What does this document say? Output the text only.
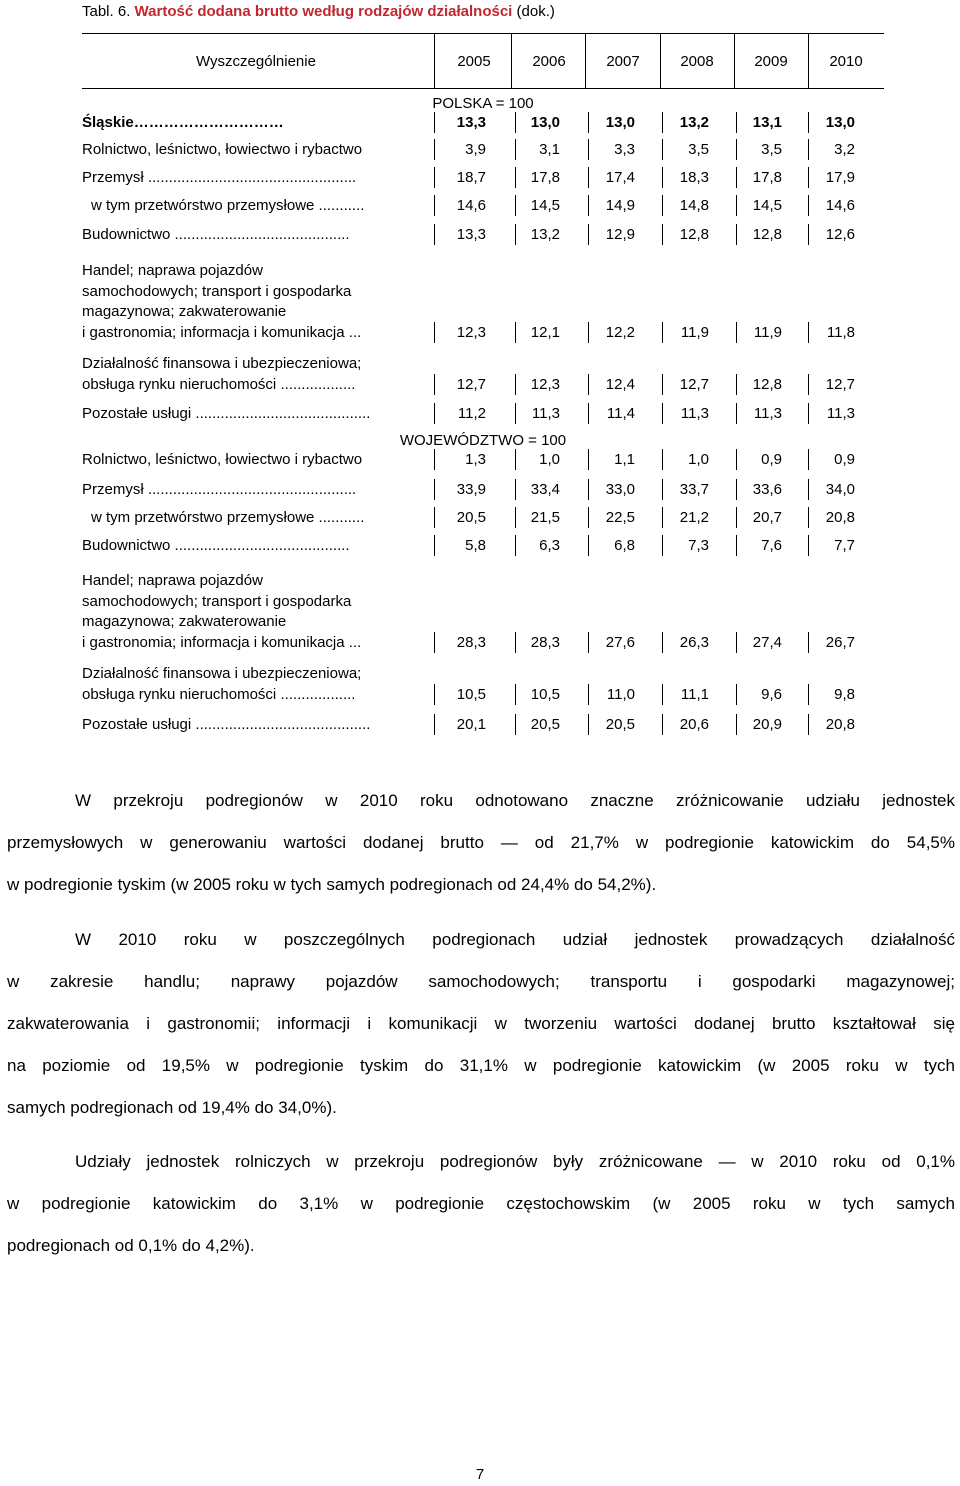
Tabl. 6. Wartość dodana brutto według rodzajów działalności (dok.)
Wyszczególnienie	2005	2006	2007	2008	2009	2010
POLSKA = 100
Śląskie…………………………	13,3	13,0	13,0	13,2	13,1	13,0
Rolnictwo, leśnictwo, łowiectwo i rybactwo	3,9	3,1	3,3	3,5	3,5	3,2
Przemysł ..................................................	18,7	17,8	17,4	18,3	17,8	17,9
w tym przetwórstwo przemysłowe ...........	14,6	14,5	14,9	14,8	14,5	14,6
Budownictwo ..........................................	13,3	13,2	12,9	12,8	12,8	12,6
Handel; naprawa pojazdów
samochodowych; transport i gospodarka
magazynowa; zakwaterowanie
i gastronomia; informacja i komunikacja ...	12,3	12,1	12,2	11,9	11,9	11,8
Działalność finansowa i ubezpieczeniowa;
obsługa rynku nieruchomości ..................	12,7	12,3	12,4	12,7	12,8	12,7
Pozostałe usługi ..........................................	11,2	11,3	11,4	11,3	11,3	11,3
WOJEWÓDZTWO = 100
Rolnictwo, leśnictwo, łowiectwo i rybactwo	1,3	1,0	1,1	1,0	0,9	0,9
Przemysł ..................................................	33,9	33,4	33,0	33,7	33,6	34,0
w tym przetwórstwo przemysłowe ...........	20,5	21,5	22,5	21,2	20,7	20,8
Budownictwo ..........................................	5,8	6,3	6,8	7,3	7,6	7,7
Handel; naprawa pojazdów
samochodowych; transport i gospodarka
magazynowa; zakwaterowanie
i gastronomia; informacja i komunikacja ...	28,3	28,3	27,6	26,3	27,4	26,7
Działalność finansowa i ubezpieczeniowa;
obsługa rynku nieruchomości ..................	10,5	10,5	11,0	11,1	9,6	9,8
Pozostałe usługi ..........................................	20,1	20,5	20,5	20,6	20,9	20,8
W przekroju podregionów w 2010 roku odnotowano znaczne zróżnicowanie udziału jednostek
przemysłowych w generowaniu wartości dodanej brutto — od 21,7% w podregionie katowickim do 54,5%
w podregionie tyskim (w 2005 roku w tych samych podregionach od 24,4% do 54,2%).
W 2010 roku w poszczególnych podregionach udział jednostek prowadzących działalność
w zakresie handlu; naprawy pojazdów samochodowych; transportu i gospodarki magazynowej;
zakwaterowania i gastronomii; informacji i komunikacji w tworzeniu wartości dodanej brutto kształtował się
na poziomie od 19,5% w podregionie tyskim do 31,1% w podregionie katowickim (w 2005 roku w tych
samych podregionach od 19,4% do 34,0%).
Udziały jednostek rolniczych w przekroju podregionów były zróżnicowane — w 2010 roku od 0,1%
w podregionie katowickim do 3,1% w podregionie częstochowskim (w 2005 roku w tych samych
podregionach od 0,1% do 4,2%).
7
